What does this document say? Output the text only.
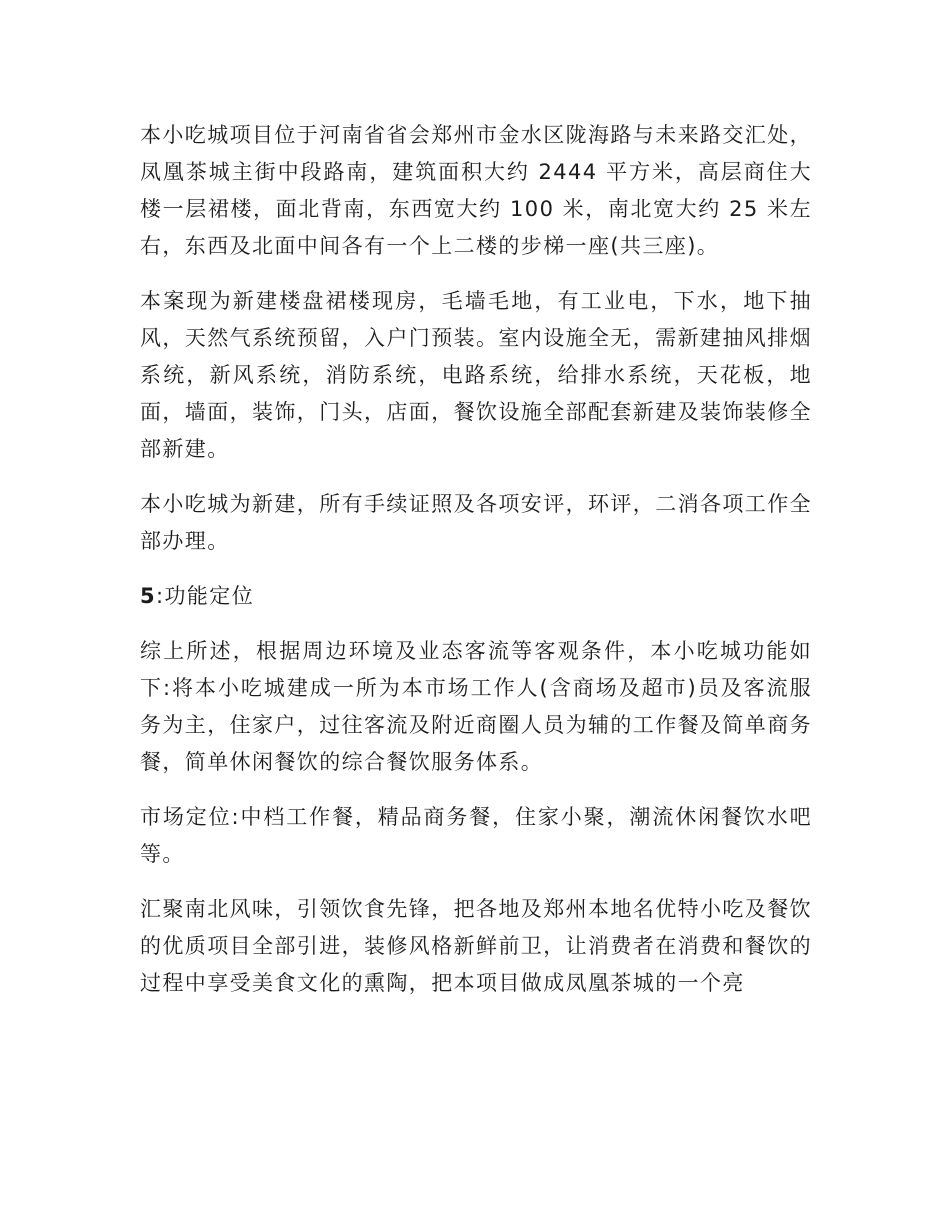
本小吃城项目位于河南省省会郑州市金水区陇海路与未来路交汇处，凤凰茶城主街中段路南，建筑面积大约 2444 平方米，高层商住大楼一层裙楼，面北背南，东西宽大约 100 米，南北宽大约 25 米左右，东西及北面中间各有一个上二楼的步梯一座(共三座)。

本案现为新建楼盘裙楼现房，毛墙毛地，有工业电，下水，地下抽风，天然气系统预留，入户门预装。室内设施全无，需新建抽风排烟系统，新风系统，消防系统，电路系统，给排水系统，天花板，地面，墙面，装饰，门头，店面，餐饮设施全部配套新建及装饰装修全部新建。

本小吃城为新建，所有手续证照及各项安评，环评，二消各项工作全部办理。

5:功能定位

综上所述，根据周边环境及业态客流等客观条件，本小吃城功能如下:将本小吃城建成一所为本市场工作人(含商场及超市)员及客流服务为主，住家户，过往客流及附近商圈人员为辅的工作餐及简单商务餐，简单休闲餐饮的综合餐饮服务体系。

市场定位:中档工作餐，精品商务餐，住家小聚，潮流休闲餐饮水吧等。

汇聚南北风味，引领饮食先锋，把各地及郑州本地名优特小吃及餐饮的优质项目全部引进，装修风格新鲜前卫，让消费者在消费和餐饮的过程中享受美食文化的熏陶，把本项目做成凤凰茶城的一个亮
